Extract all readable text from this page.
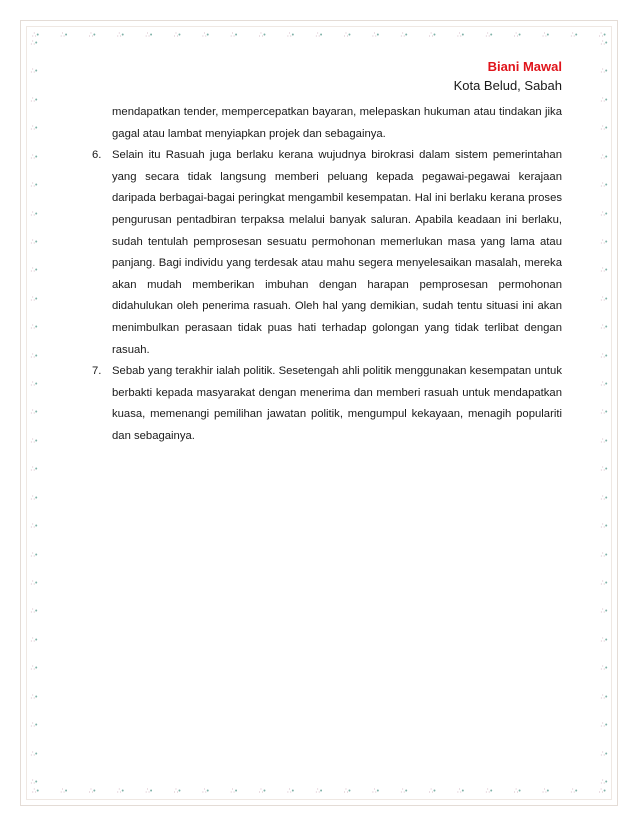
∴•	∴•	∴•	∴•	∴•	∴•	∴•	∴•	∴•	∴•	∴•	∴•	∴•	∴•	∴•	∴•	∴•	∴•	∴•	∴•	∴•
∴•	∴•	∴•	∴•	∴•	∴•	∴•	∴•	∴•	∴•	∴•	∴•	∴•	∴•	∴•	∴•	∴•	∴•	∴•	∴•	∴•
∴•
∴•
∴•
∴•
∴•
∴•
∴•
∴•
∴•
∴•
∴•
∴•
∴•
∴•
∴•
∴•
∴•
∴•
∴•
∴•
∴•
∴•
∴•
∴•
∴•
∴•
∴•
∴•
∴•
∴•
∴•
∴•
∴•
∴•
∴•
∴•
∴•
∴•
∴•
∴•
∴•
∴•
∴•
∴•
∴•
∴•
∴•
∴•
∴•
∴•
∴•
∴•
∴•
∴•
Biani Mawal
Kota Belud, Sabah

mendapatkan tender, mempercepatkan bayaran, melepaskan hukuman atau tindakan jika gagal atau lambat menyiapkan projek dan sebagainya.

6. Selain itu Rasuah juga berlaku kerana wujudnya birokrasi dalam sistem pemerintahan yang secara tidak langsung memberi peluang kepada pegawai-pegawai kerajaan daripada berbagai-bagai peringkat mengambil kesempatan. Hal ini berlaku kerana proses pengurusan pentadbiran terpaksa melalui banyak saluran. Apabila keadaan ini berlaku, sudah tentulah pemprosesan sesuatu permohonan memerlukan masa yang lama atau panjang. Bagi individu yang terdesak atau mahu segera menyelesaikan masalah, mereka akan mudah memberikan imbuhan dengan harapan pemprosesan permohonan didahulukan oleh penerima rasuah. Oleh hal yang demikian, sudah tentu situasi ini akan menimbulkan perasaan tidak puas hati terhadap golongan yang tidak terlibat dengan rasuah.

7. Sebab yang terakhir ialah politik. Sesetengah ahli politik menggunakan kesempatan untuk berbakti kepada masyarakat dengan menerima dan memberi rasuah untuk mendapatkan kuasa, memenangi pemilihan jawatan politik, mengumpul kekayaan, menagih populariti dan sebagainya.
